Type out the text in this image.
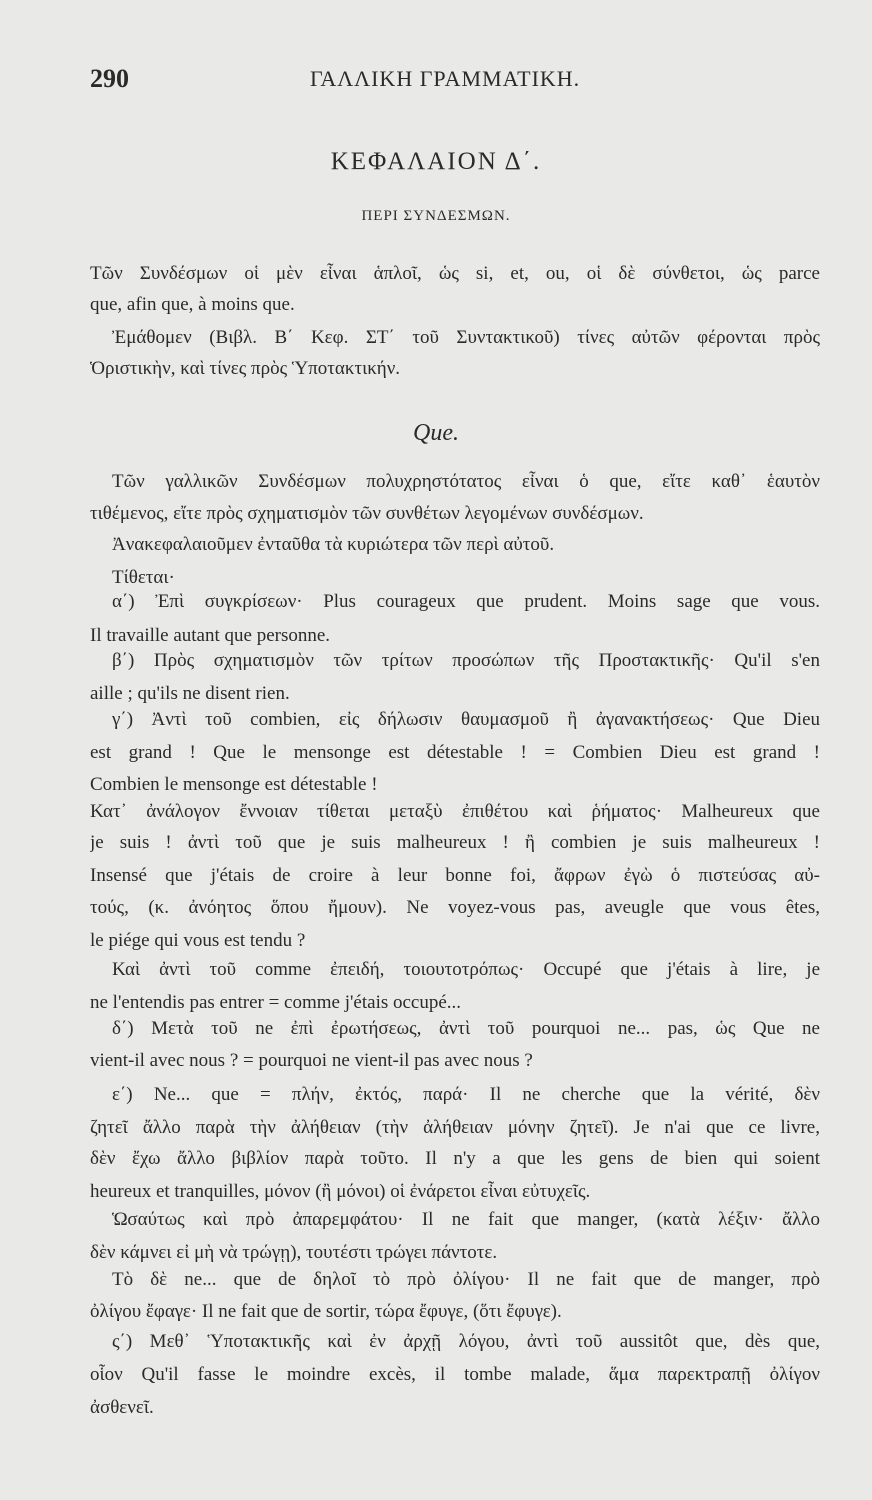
290	ΓΑΛΛΙΚΗ ΓΡΑΜΜΑΤΙΚΗ.
ΚΕΦΑΛΑΙΟΝ Δ΄.
ΠΕΡΙ ΣΥΝΔΕΣΜΩΝ.

Τῶν Συνδέσμων οἱ μὲν εἶναι ἁπλοῖ, ὡς si, et, ou, οἱ δὲ σύνθετοι, ὡς parce

que, afin que, à moins que.

Ἐμάθομεν (Βιβλ. Β΄ Κεφ. ΣΤ΄ τοῦ Συντακτικοῦ) τίνες αὐτῶν φέρονται πρὸς

Ὁριστικὴν, καὶ τίνες πρὸς Ὑποτακτικήν.

Que.

Τῶν γαλλικῶν Συνδέσμων πολυχρηστότατος εἶναι ὁ que, εἴτε καθ᾿ ἑαυτὸν

τιθέμενος, εἴτε πρὸς σχηματισμὸν τῶν συνθέτων λεγομένων συνδέσμων.

Ἀνακεφαλαιοῦμεν ἐνταῦθα τὰ κυριώτερα τῶν περὶ αὐτοῦ.

Τίθεται·

α΄) Ἐπὶ συγκρίσεων· Plus courageux que prudent. Moins sage que vous.

Il travaille autant que personne.

β΄) Πρὸς σχηματισμὸν τῶν τρίτων προσώπων τῆς Προστακτικῆς· Qu'il s'en

aille ; qu'ils ne disent rien.

γ΄) Ἀντὶ τοῦ combien, εἰς δήλωσιν θαυμασμοῦ ἢ ἀγανακτήσεως· Que Dieu

est grand ! Que le mensonge est détestable ! = Combien Dieu est grand !

Combien le mensonge est détestable !

Κατ᾿ ἀνάλογον ἔννοιαν τίθεται μεταξὺ ἐπιθέτου καὶ ῥήματος· Malheureux que

je suis ! ἀντὶ τοῦ que je suis malheureux ! ἢ combien je suis malheureux !

Insensé que j'étais de croire à leur bonne foi, ἄφρων ἐγὼ ὁ πιστεύσας αὐ-

τούς, (κ. ἀνόητος ὅπου ἤμουν). Ne voyez-vous pas, aveugle que vous êtes,

le piége qui vous est tendu ?

Καὶ ἀντὶ τοῦ comme ἐπειδή, τοιουτοτρόπως· Occupé que j'étais à lire, je

ne l'entendis pas entrer = comme j'étais occupé...

δ΄) Μετὰ τοῦ ne ἐπὶ ἐρωτήσεως, ἀντὶ τοῦ pourquoi ne... pas, ὡς Que ne

vient-il avec nous ? = pourquoi ne vient-il pas avec nous ?

ε΄) Ne... que = πλήν, ἐκτός, παρά· Il ne cherche que la vérité, δὲν

ζητεῖ ἄλλο παρὰ τὴν ἀλήθειαν (τὴν ἀλήθειαν μόνην ζητεῖ). Je n'ai que ce livre,

δὲν ἔχω ἄλλο βιβλίον παρὰ τοῦτο. Il n'y a que les gens de bien qui soient

heureux et tranquilles, μόνον (ἢ μόνοι) οἱ ἐνάρετοι εἶναι εὐτυχεῖς.

Ὡσαύτως καὶ πρὸ ἀπαρεμφάτου· Il ne fait que manger, (κατὰ λέξιν· ἄλλο

δὲν κάμνει εἰ μὴ νὰ τρώγῃ), τουτέστι τρώγει πάντοτε.

Τὸ δὲ ne... que de δηλοῖ τὸ πρὸ ὀλίγου· Il ne fait que de manger, πρὸ

ὀλίγου ἔφαγε· Il ne fait que de sortir, τώρα ἔφυγε, (ὅτι ἔφυγε).

ς΄) Μεθ᾿ Ὑποτακτικῆς καὶ ἐν ἀρχῇ λόγου, ἀντὶ τοῦ aussitôt que, dès que,

οἷον Qu'il fasse le moindre excès, il tombe malade, ἅμα παρεκτραπῇ ὀλίγον

ἀσθενεῖ.
